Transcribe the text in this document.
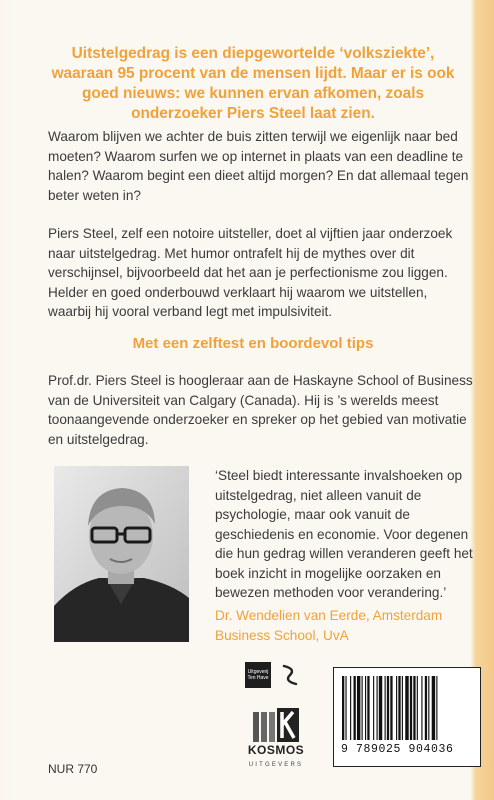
Uitstelgedrag is een diepgewortelde ‘volksziekte’, waaraan 95 procent van de mensen lijdt. Maar er is ook goed nieuws: we kunnen ervan afkomen, zoals onderzoeker Piers Steel laat zien.

Waarom blijven we achter de buis zitten terwijl we eigenlijk naar bed moeten? Waarom surfen we op internet in plaats van een deadline te halen? Waarom begint een dieet altijd morgen? En dat allemaal tegen beter weten in?

Piers Steel, zelf een notoire uitsteller, doet al vijftien jaar onderzoek naar uitstelgedrag. Met humor ontrafelt hij de mythes over dit verschijnsel, bijvoorbeeld dat het aan je perfectionisme zou liggen. Helder en goed onderbouwd verklaart hij waarom we uitstellen, waarbij hij vooral verband legt met impulsiviteit.

Met een zelftest en boordevol tips

Prof.dr. Piers Steel is hoogleraar aan de Haskayne School of Business van de Universiteit van Calgary (Canada). Hij is ’s werelds meest toonaangevende onderzoeker en spreker op het gebied van motivatie en uitstelgedrag.

‘Steel biedt interessante invalshoeken op uitstelgedrag, niet alleen vanuit de psychologie, maar ook vanuit de geschiedenis en economie. Voor degenen die hun gedrag willen veranderen geeft het boek inzicht in mogelijke oorzaken en bewezen methoden voor verandering.’

Dr. Wendelien van Eerde, Amsterdam Business School, UvA

Uitgeverij
Ten Have
KOSMOS
UITGEVERS

9 789025 904036

NUR 770
